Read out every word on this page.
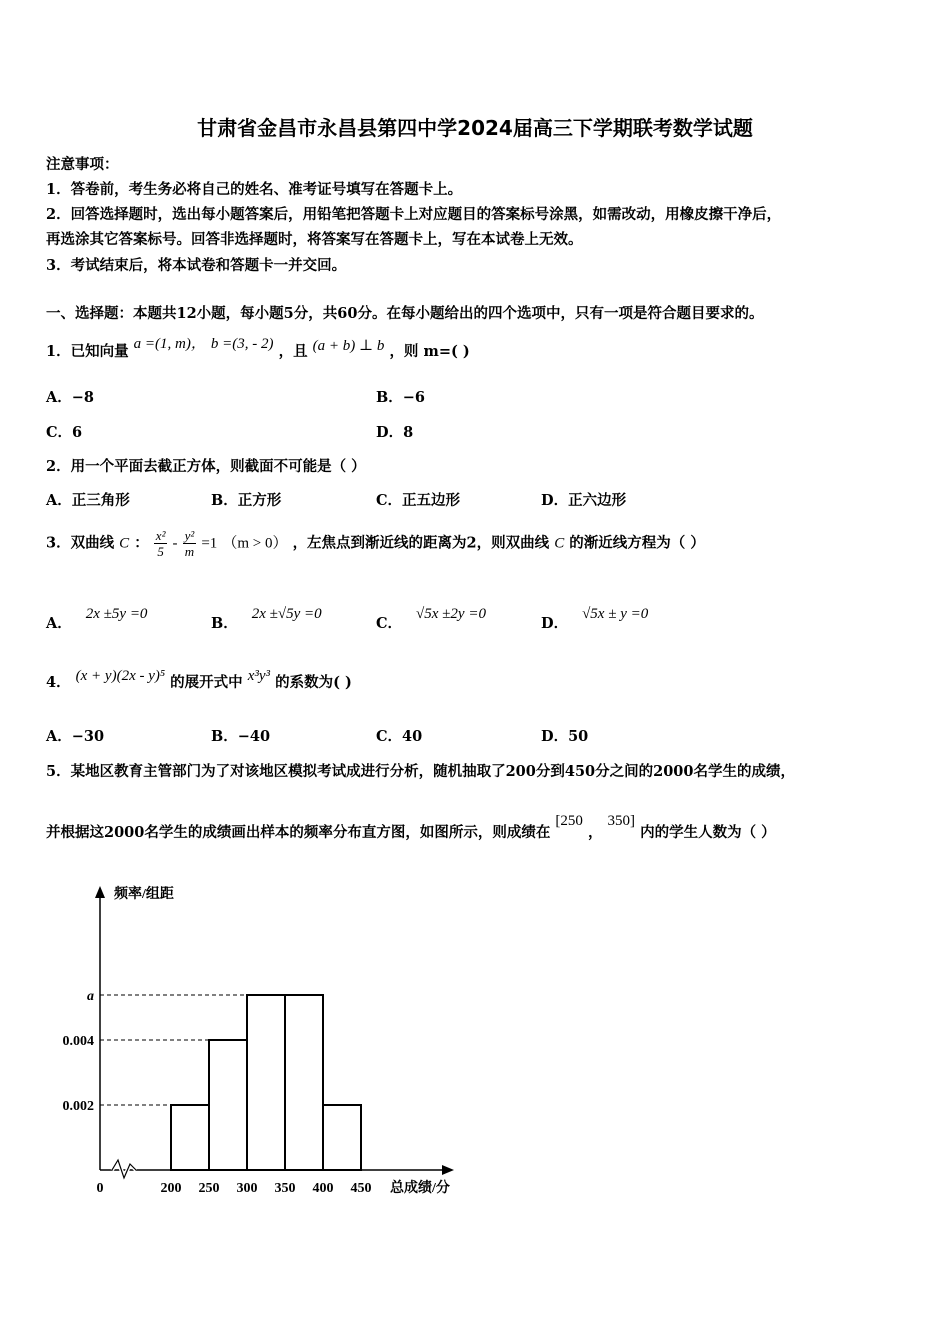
甘肃省金昌市永昌县第四中学2024届高三下学期联考数学试题
注意事项：
1．答卷前，考生务必将自己的姓名、准考证号填写在答题卡上。
2．回答选择题时，选出每小题答案后，用铅笔把答题卡上对应题目的答案标号涂黑，如需改动，用橡皮擦干净后，
再选涂其它答案标号。回答非选择题时，将答案写在答题卡上，写在本试卷上无效。
3．考试结束后，将本试卷和答题卡一并交回。
一、选择题：本题共12小题，每小题5分，共60分。在每小题给出的四个选项中，只有一项是符合题目要求的。
1．已知向量 a =(1, m)， b =(3, - 2) ，且 (a + b) ⊥ b ，则 m=( )
A．−8	B．−6
C．6	D．8
2．用一个平面去截正方体，则截面不可能是（ ）
A．正三角形	B．正方形	C．正五边形	D．正六边形
3．双曲线 C ： $\frac{\text{x²}}{5} - \frac{\text{y²}}{m} =1$ （m > 0） ，左焦点到渐近线的距离为2，则双曲线 C 的渐近线方程为（ ）
A．2x ±5y =0
B．2x ±√5y =0
C．√5x ±2y =0
D．√5x ± y =0
4． (x + y)(2x - y)⁵ 的展开式中 x³y³ 的系数为( )
A．−30	B．−40	C．40	D．50
5．某地区教育主管部门为了对该地区模拟考试成进行分析，随机抽取了200分到450分之间的2000名学生的成绩，
并根据这2000名学生的成绩画出样本的频率分布直方图，如图所示，则成绩在 [250 ， 350] 内的学生人数为（ ）
a
0.004
0.002
200 250 300 350 400 450
0
频率/组距
总成绩/分
